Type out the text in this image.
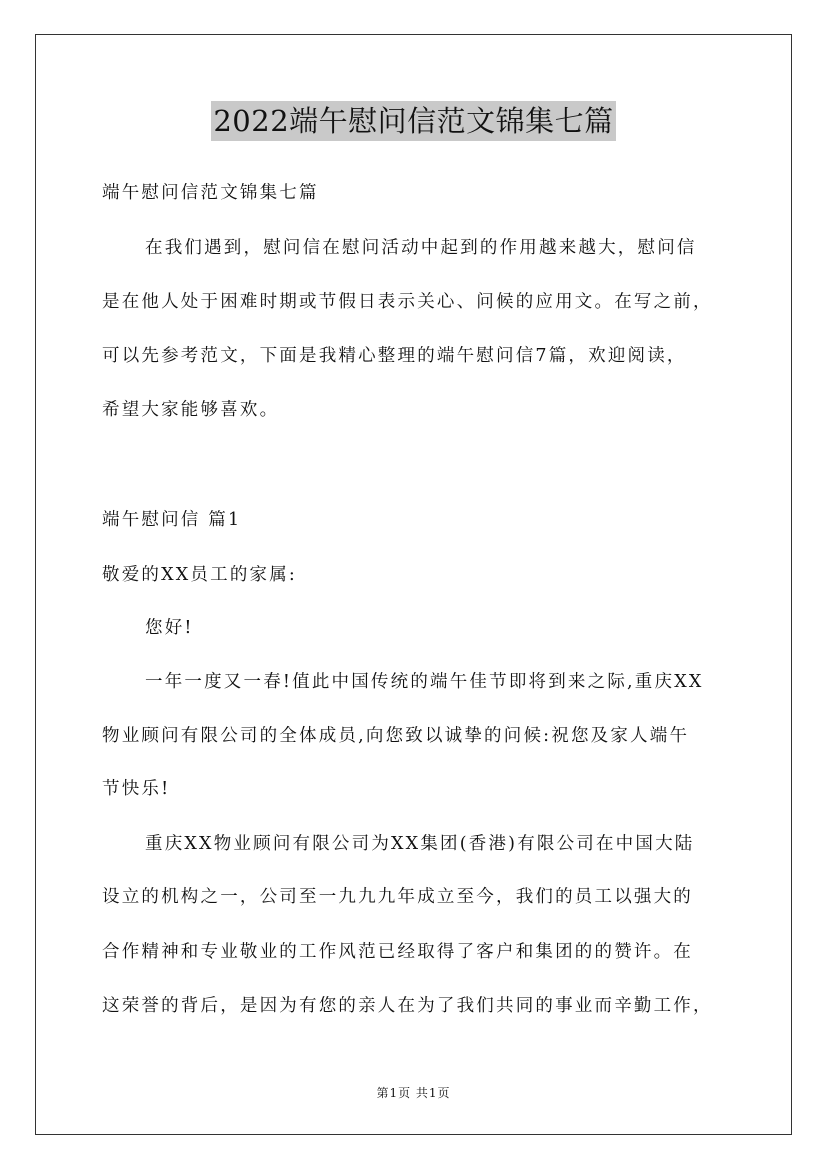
2022端午慰问信范文锦集七篇
端午慰问信范文锦集七篇
在我们遇到，慰问信在慰问活动中起到的作用越来越大，慰问信
是在他人处于困难时期或节假日表示关心、问候的应用文。在写之前，
可以先参考范文，下面是我精心整理的端午慰问信7篇，欢迎阅读，
希望大家能够喜欢。
端午慰问信 篇1
敬爱的XX员工的家属:
您好!
一年一度又一春!值此中国传统的端午佳节即将到来之际,重庆XX
物业顾问有限公司的全体成员,向您致以诚挚的问候:祝您及家人端午
节快乐!
重庆XX物业顾问有限公司为XX集团(香港)有限公司在中国大陆
设立的机构之一，公司至一九九九年成立至今，我们的员工以强大的
合作精神和专业敬业的工作风范已经取得了客户和集团的的赞许。在
这荣誉的背后，是因为有您的亲人在为了我们共同的事业而辛勤工作，
第1页 共1页
